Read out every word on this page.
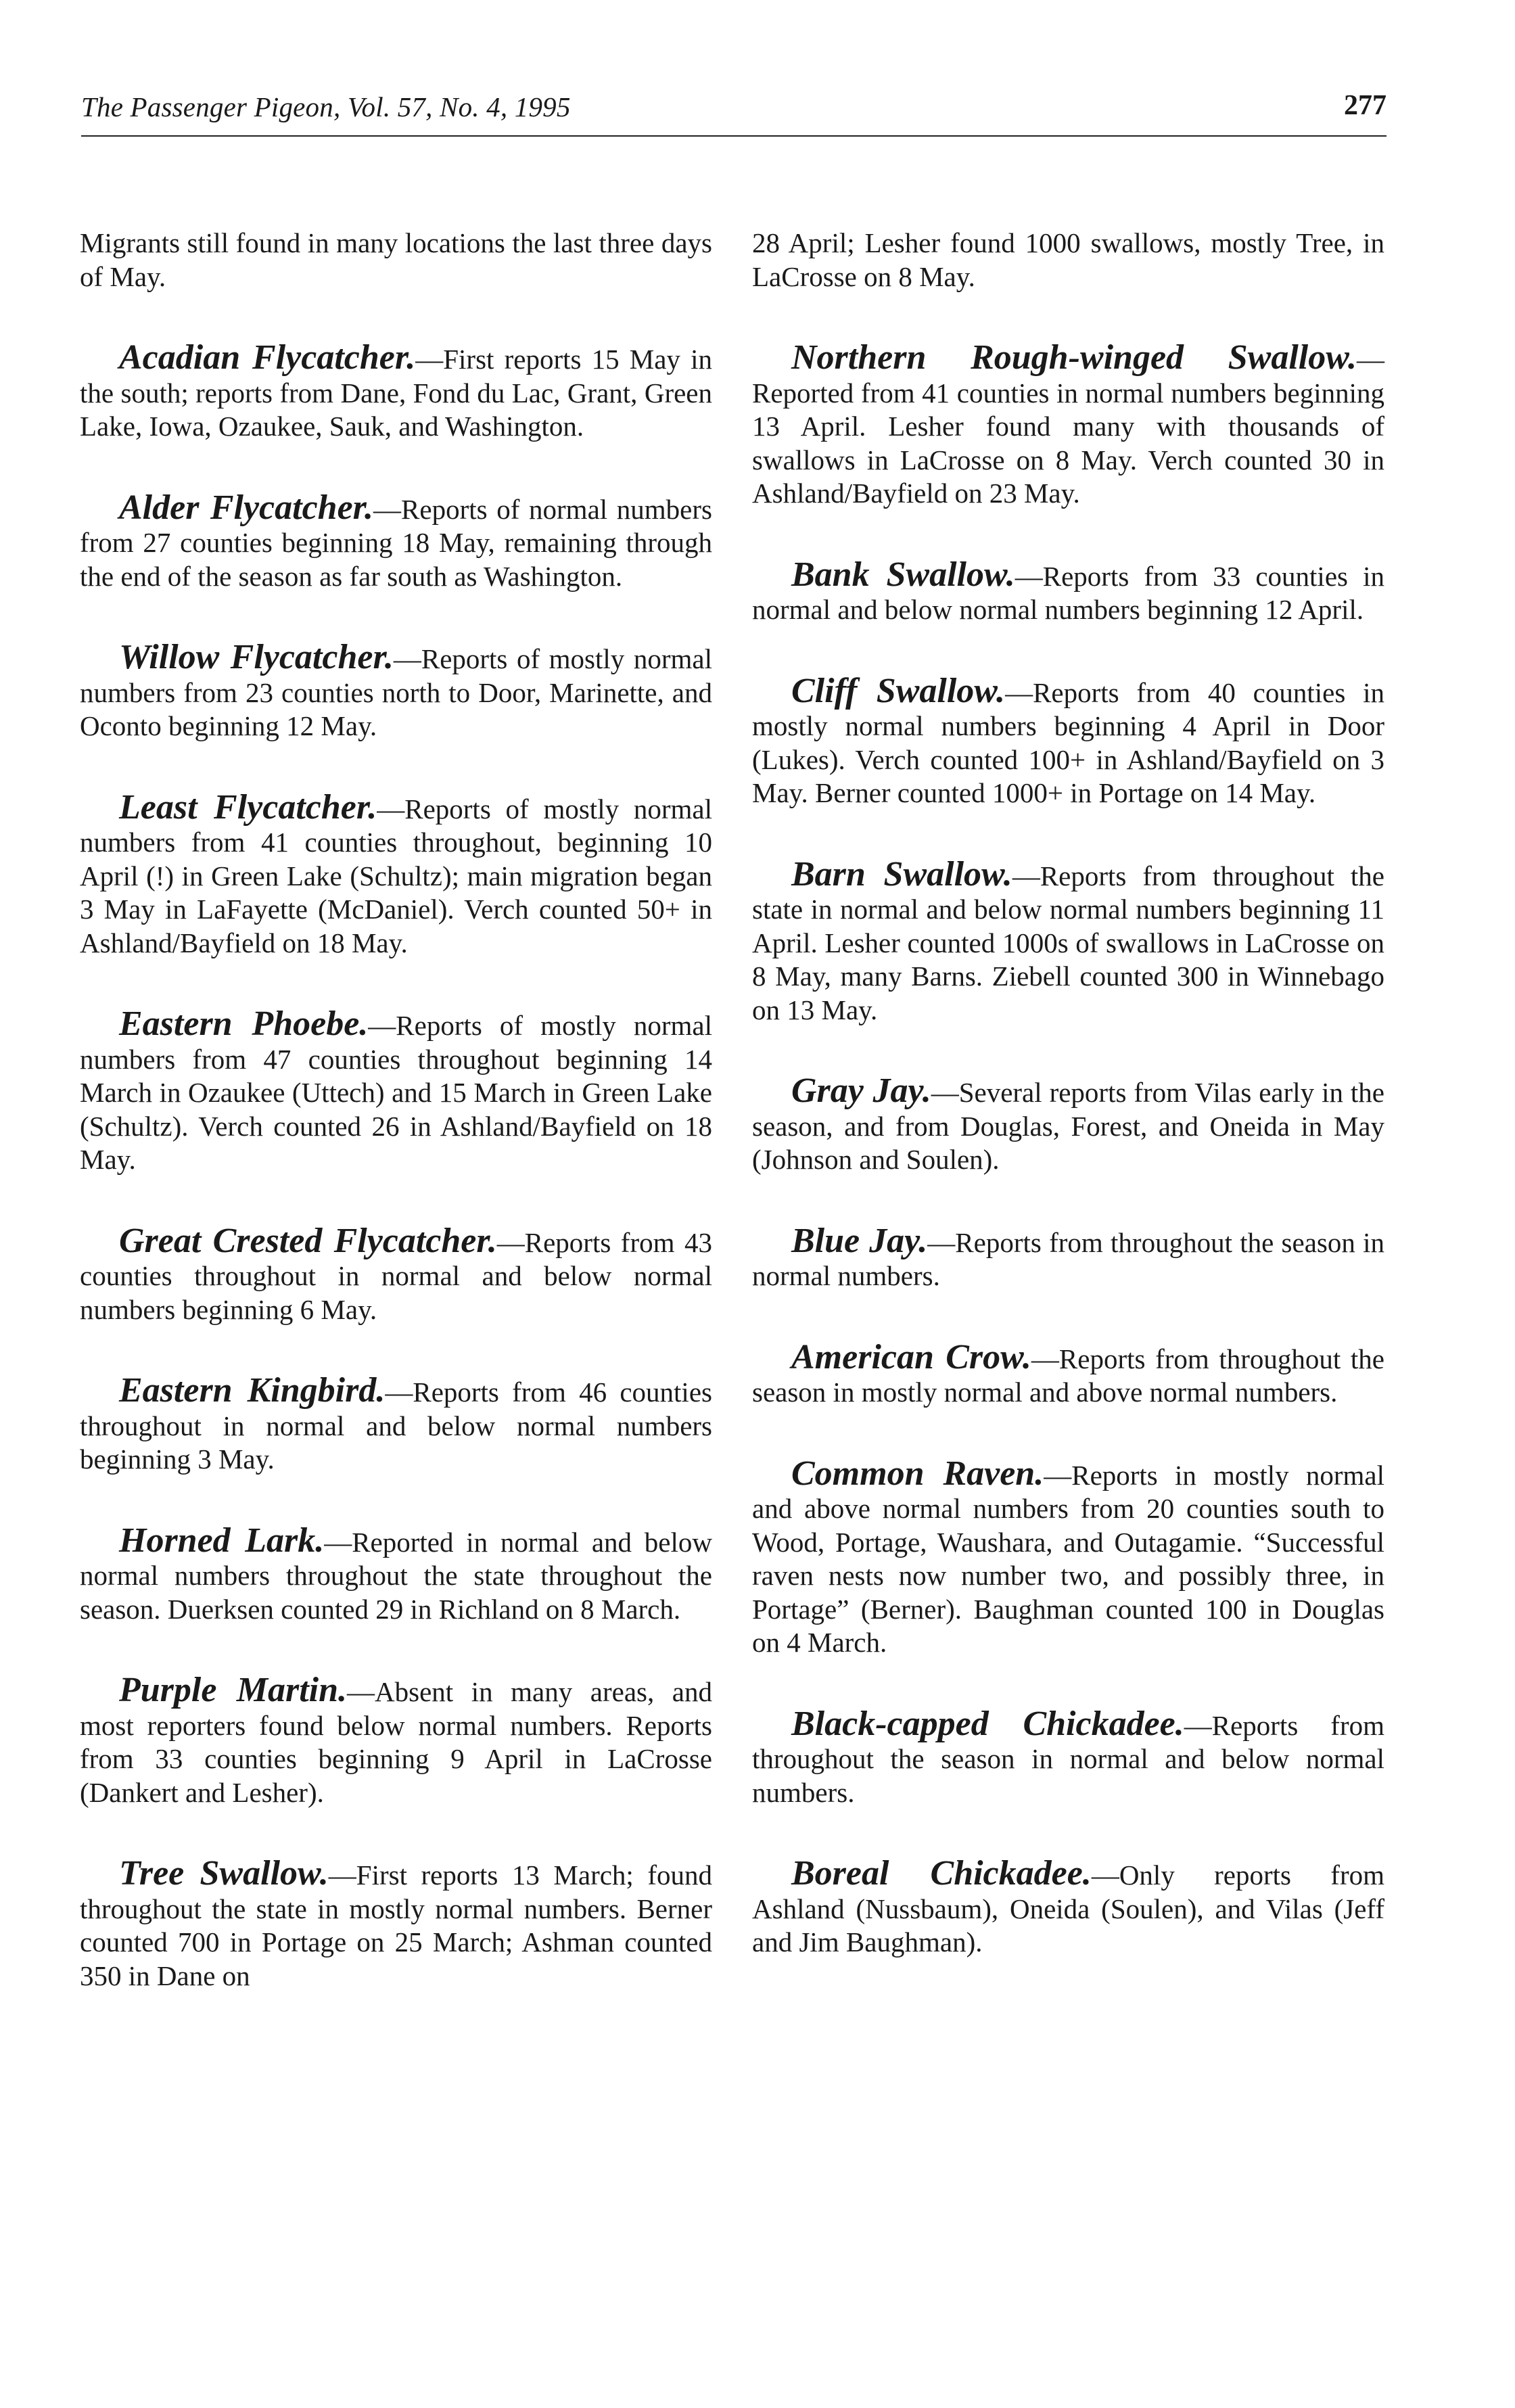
The Passenger Pigeon, Vol. 57, No. 4, 1995	277

Migrants still found in many locations the last three days of May.

Acadian Flycatcher.—First reports 15 May in the south; reports from Dane, Fond du Lac, Grant, Green Lake, Iowa, Ozaukee, Sauk, and Washington.

Alder Flycatcher.—Reports of normal numbers from 27 counties beginning 18 May, remaining through the end of the season as far south as Washington.

Willow Flycatcher.—Reports of mostly normal numbers from 23 counties north to Door, Marinette, and Oconto beginning 12 May.

Least Flycatcher.—Reports of mostly normal numbers from 41 counties throughout, beginning 10 April (!) in Green Lake (Schultz); main migration began 3 May in LaFayette (McDaniel). Verch counted 50+ in Ashland/Bayfield on 18 May.

Eastern Phoebe.—Reports of mostly normal numbers from 47 counties throughout beginning 14 March in Ozaukee (Uttech) and 15 March in Green Lake (Schultz). Verch counted 26 in Ashland/Bayfield on 18 May.

Great Crested Flycatcher.—Reports from 43 counties throughout in normal and below normal numbers beginning 6 May.

Eastern Kingbird.—Reports from 46 counties throughout in normal and below normal numbers beginning 3 May.

Horned Lark.—Reported in normal and below normal numbers throughout the state throughout the season. Duerksen counted 29 in Richland on 8 March.

Purple Martin.—Absent in many areas, and most reporters found below normal numbers. Reports from 33 counties beginning 9 April in LaCrosse (Dankert and Lesher).

Tree Swallow.—First reports 13 March; found throughout the state in mostly normal numbers. Berner counted 700 in Portage on 25 March; Ashman counted 350 in Dane on

28 April; Lesher found 1000 swallows, mostly Tree, in LaCrosse on 8 May.

Northern Rough-winged Swallow.— Reported from 41 counties in normal numbers beginning 13 April. Lesher found many with thousands of swallows in LaCrosse on 8 May. Verch counted 30 in Ashland/Bayfield on 23 May.

Bank Swallow.—Reports from 33 counties in normal and below normal numbers beginning 12 April.

Cliff Swallow.—Reports from 40 counties in mostly normal numbers beginning 4 April in Door (Lukes). Verch counted 100+ in Ashland/Bayfield on 3 May. Berner counted 1000+ in Portage on 14 May.

Barn Swallow.—Reports from throughout the state in normal and below normal numbers beginning 11 April. Lesher counted 1000s of swallows in LaCrosse on 8 May, many Barns. Ziebell counted 300 in Winnebago on 13 May.

Gray Jay.—Several reports from Vilas early in the season, and from Douglas, Forest, and Oneida in May (Johnson and Soulen).

Blue Jay.—Reports from throughout the season in normal numbers.

American Crow.—Reports from throughout the season in mostly normal and above normal numbers.

Common Raven.—Reports in mostly normal and above normal numbers from 20 counties south to Wood, Portage, Waushara, and Outagamie. “Successful raven nests now number two, and possibly three, in Portage” (Berner). Baughman counted 100 in Douglas on 4 March.

Black-capped Chickadee.—Reports from throughout the season in normal and below normal numbers.

Boreal Chickadee.—Only reports from Ashland (Nussbaum), Oneida (Soulen), and Vilas (Jeff and Jim Baughman).
